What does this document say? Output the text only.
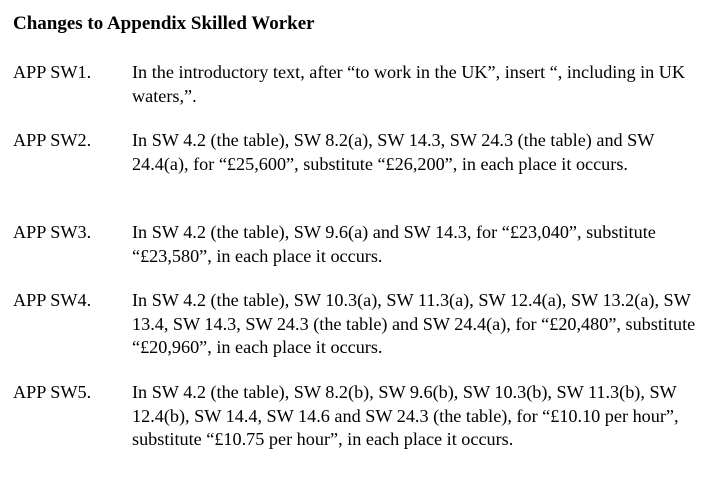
Changes to Appendix Skilled Worker
APP SW1. In the introductory text, after “to work in the UK”, insert “, including in UK waters,”.
APP SW2. In SW 4.2 (the table), SW 8.2(a), SW 14.3, SW 24.3 (the table) and SW 24.4(a), for “£25,600”, substitute “£26,200”, in each place it occurs.
APP SW3. In SW 4.2 (the table), SW 9.6(a) and SW 14.3, for “£23,040”, substitute “£23,580”, in each place it occurs.
APP SW4. In SW 4.2 (the table), SW 10.3(a), SW 11.3(a), SW 12.4(a), SW 13.2(a), SW 13.4, SW 14.3, SW 24.3 (the table) and SW 24.4(a), for “£20,480”, substitute “£20,960”, in each place it occurs.
APP SW5. In SW 4.2 (the table), SW 8.2(b), SW 9.6(b), SW 10.3(b), SW 11.3(b), SW 12.4(b), SW 14.4, SW 14.6 and SW 24.3 (the table), for “£10.10 per hour”, substitute “£10.75 per hour”, in each place it occurs.
